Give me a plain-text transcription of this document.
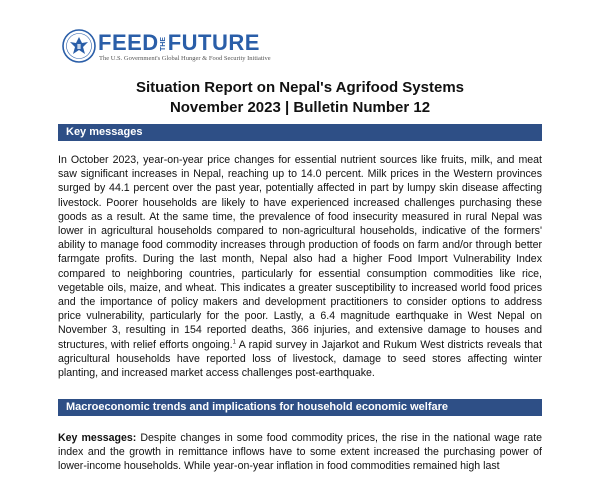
FEEDTHEFUTURE
The U.S. Government's Global Hunger & Food Security Initiative
Situation Report on Nepal's Agrifood Systems
November 2023 | Bulletin Number 12
Key messages
In October 2023, year-on-year price changes for essential nutrient sources like fruits, milk, and meat saw significant increases in Nepal, reaching up to 14.0 percent. Milk prices in the Western provinces surged by 44.1 percent over the past year, potentially affected in part by lumpy skin disease affecting livestock. Poorer households are likely to have experienced increased challenges purchasing these goods as a result. At the same time, the prevalence of food insecurity measured in rural Nepal was lower in agricultural households compared to non-agricultural households, indicative of the formers' ability to manage food commodity increases through production of foods on farm and/or through better farmgate profits. During the last month, Nepal also had a higher Food Import Vulnerability Index compared to neighboring countries, particularly for essential consumption commodities like rice, vegetable oils, maize, and wheat. This indicates a greater susceptibility to increased world food prices and the importance of policy makers and development practitioners to consider options to address price vulnerability, particularly for the poor. Lastly, a 6.4 magnitude earthquake in West Nepal on November 3, resulting in 154 reported deaths, 366 injuries, and extensive damage to houses and structures, with relief efforts ongoing.$^1$ A rapid survey in Jajarkot and Rukum West districts reveals that agricultural households have reported loss of livestock, damage to seed stores affecting winter planting, and increased market access challenges post-earthquake.
Macroeconomic trends and implications for household economic welfare
Key messages: Despite changes in some food commodity prices, the rise in the national wage rate index and the growth in remittance inflows have to some extent increased the purchasing power of lower-income households. While year-on-year inflation in food commodities remained high last
